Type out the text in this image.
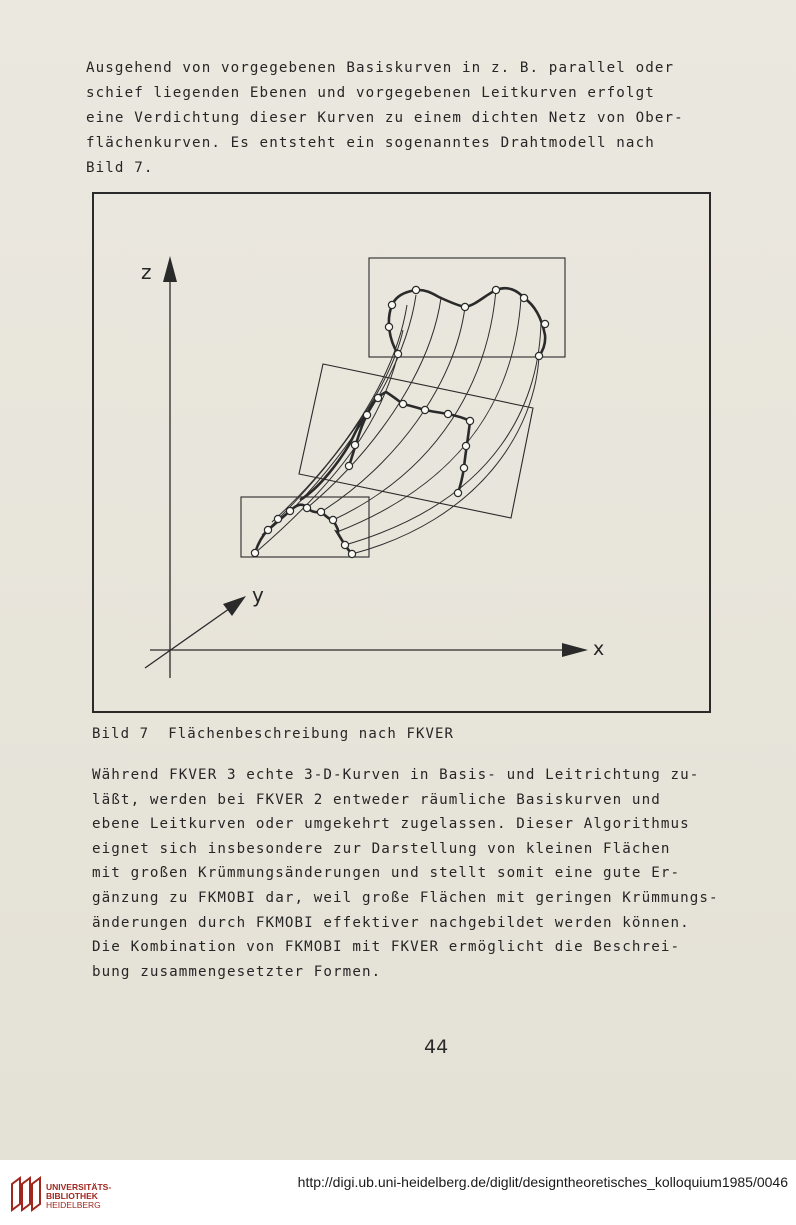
Ausgehend von vorgegebenen Basiskurven in z. B. parallel oder
schief liegenden Ebenen und vorgegebenen Leitkurven erfolgt
eine Verdichtung dieser Kurven zu einem dichten Netz von Ober-
flächenkurven. Es entsteht ein sogenanntes Drahtmodell nach
Bild 7.
z
y
x
Bild 7  Flächenbeschreibung nach FKVER
Während FKVER 3 echte 3-D-Kurven in Basis- und Leitrichtung zu-
läßt, werden bei FKVER 2 entweder räumliche Basiskurven und
ebene Leitkurven oder umgekehrt zugelassen. Dieser Algorithmus
eignet sich insbesondere zur Darstellung von kleinen Flächen
mit großen Krümmungsänderungen und stellt somit eine gute Er-
gänzung zu FKMOBI dar, weil große Flächen mit geringen Krümmungs-
änderungen durch FKMOBI effektiver nachgebildet werden können.
Die Kombination von FKMOBI mit FKVER ermöglicht die Beschrei-
bung zusammengesetzter Formen.
44
UNIVERSITÄTS-
BIBLIOTHEK
HEIDELBERG
http://digi.ub.uni-heidelberg.de/diglit/designtheoretisches_kolloquium1985/0046
